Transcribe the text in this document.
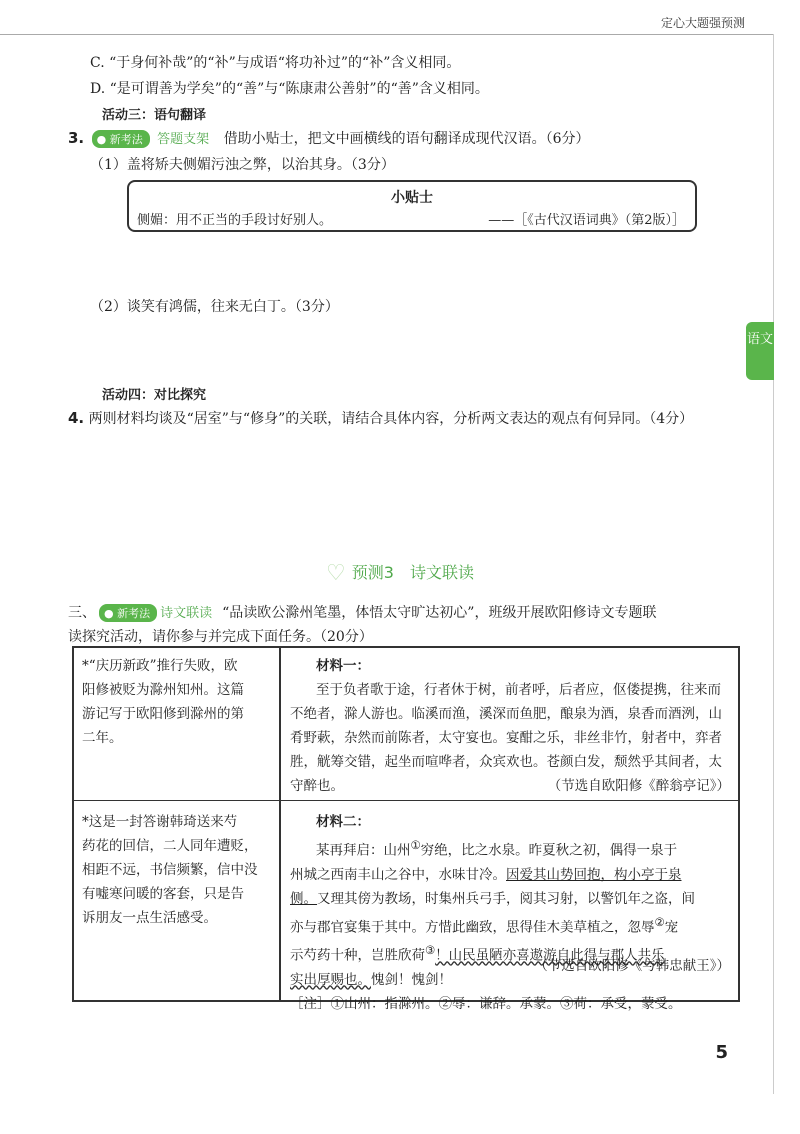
定心大题强预测
语文
C. “于身何补哉”的“补”与成语“将功补过”的“补”含义相同。
D. “是可谓善为学矣”的“善”与“陈康肃公善射”的“善”含义相同。
活动三：语句翻译
3. ● 新考法 答题支架 借助小贴士，把文中画横线的语句翻译成现代汉语。（6分）
（1）盖将矫夫侧媚污浊之弊，以治其身。（3分）
小贴士
侧媚：用不正当的手段讨好别人。	——［《古代汉语词典》（第2版）］
（2）谈笑有鸿儒，往来无白丁。（3分）
活动四：对比探究
4. 两则材料均谈及“居室”与“修身”的关联，请结合具体内容，分析两文表达的观点有何异同。（4分）
♡ 预测3　诗文联读
三、 ● 新考法 诗文联读 “品读欧公滁州笔墨，体悟太守旷达初心”，班级开展欧阳修诗文专题联
读探究活动，请你参与并完成下面任务。（20分）
*“庆历新政”推行失败，欧
阳修被贬为滁州知州。这篇
游记写于欧阳修到滁州的第
二年。
*这是一封答谢韩琦送来芍
药花的回信，二人同年遭贬，
相距不远，书信频繁，信中没
有嘘寒问暖的客套，只是告
诉朋友一点生活感受。
材料一：
至于负者歌于途，行者休于树，前者呼，后者应，伛偻提携，往来而
不绝者，滁人游也。临溪而渔，溪深而鱼肥，酿泉为酒，泉香而酒洌，山
肴野蔌，杂然而前陈者，太守宴也。宴酣之乐，非丝非竹，射者中，弈者
胜，觥筹交错，起坐而喧哗者，众宾欢也。苍颜白发，颓然乎其间者，太
守醉也。	（节选自欧阳修《醉翁亭记》）
材料二：
某再拜启：山州①穷绝，比之水泉。昨夏秋之初，偶得一泉于
州城之西南丰山之谷中，水味甘冷。因爱其山势回抱，构小亭于泉
侧。又理其傍为教场，时集州兵弓手，阅其习射，以警饥年之盗，间
亦与郡官宴集于其中。方惜此幽致，思得佳木美草植之，忽辱②宠
示芍药十种，岂胜欣荷③！山民虽陋亦喜遨游自此得与郡人共乐
实出厚赐也。愧剑！愧剑！
［注］①山州：指滁州。②辱：谦辞。承蒙。③荷：承受，蒙受。
（节选自欧阳修《与韩忠献王》）
5
